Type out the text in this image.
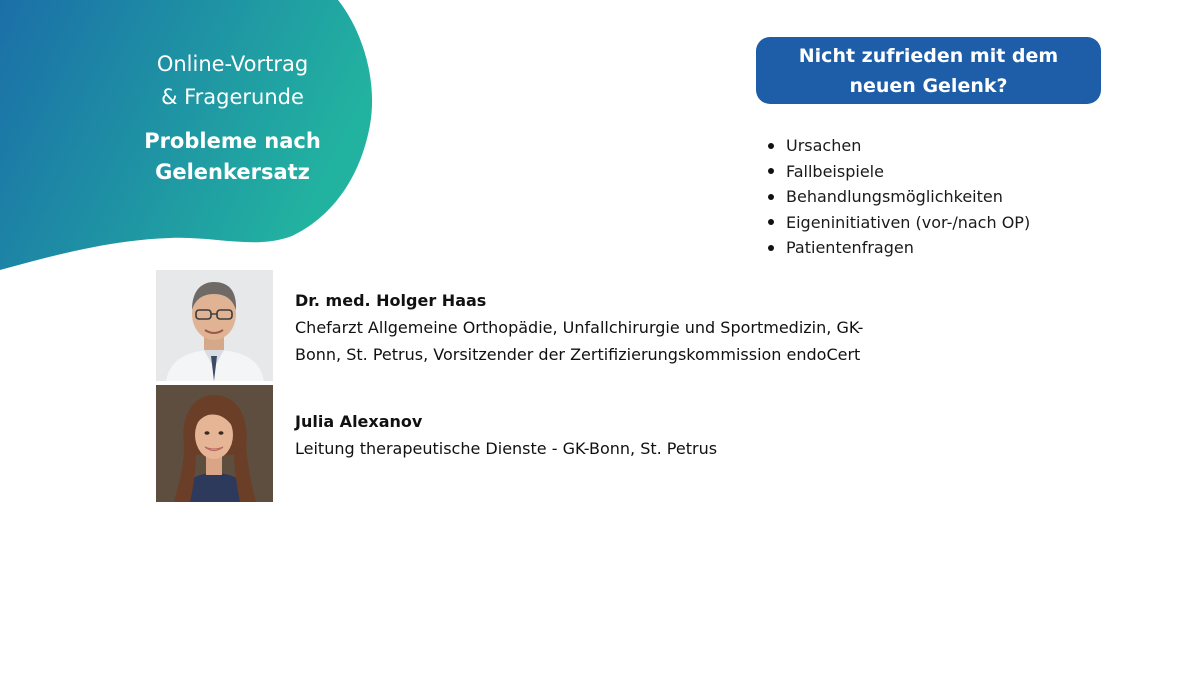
Online-Vortrag
& Fragerunde
Probleme nach
Gelenkersatz
Nicht zufrieden mit dem
neuen Gelenk?
Ursachen
Fallbeispiele
Behandlungsmöglichkeiten
Eigeninitiativen (vor-/nach OP)
Patientenfragen
Dr. med. Holger Haas
Chefarzt Allgemeine Orthopädie, Unfallchirurgie und Sportmedizin, GK-
Bonn, St. Petrus, Vorsitzender der Zertifizierungskommission endoCert
Julia Alexanov
Leitung therapeutische Dienste - GK-Bonn, St. Petrus
